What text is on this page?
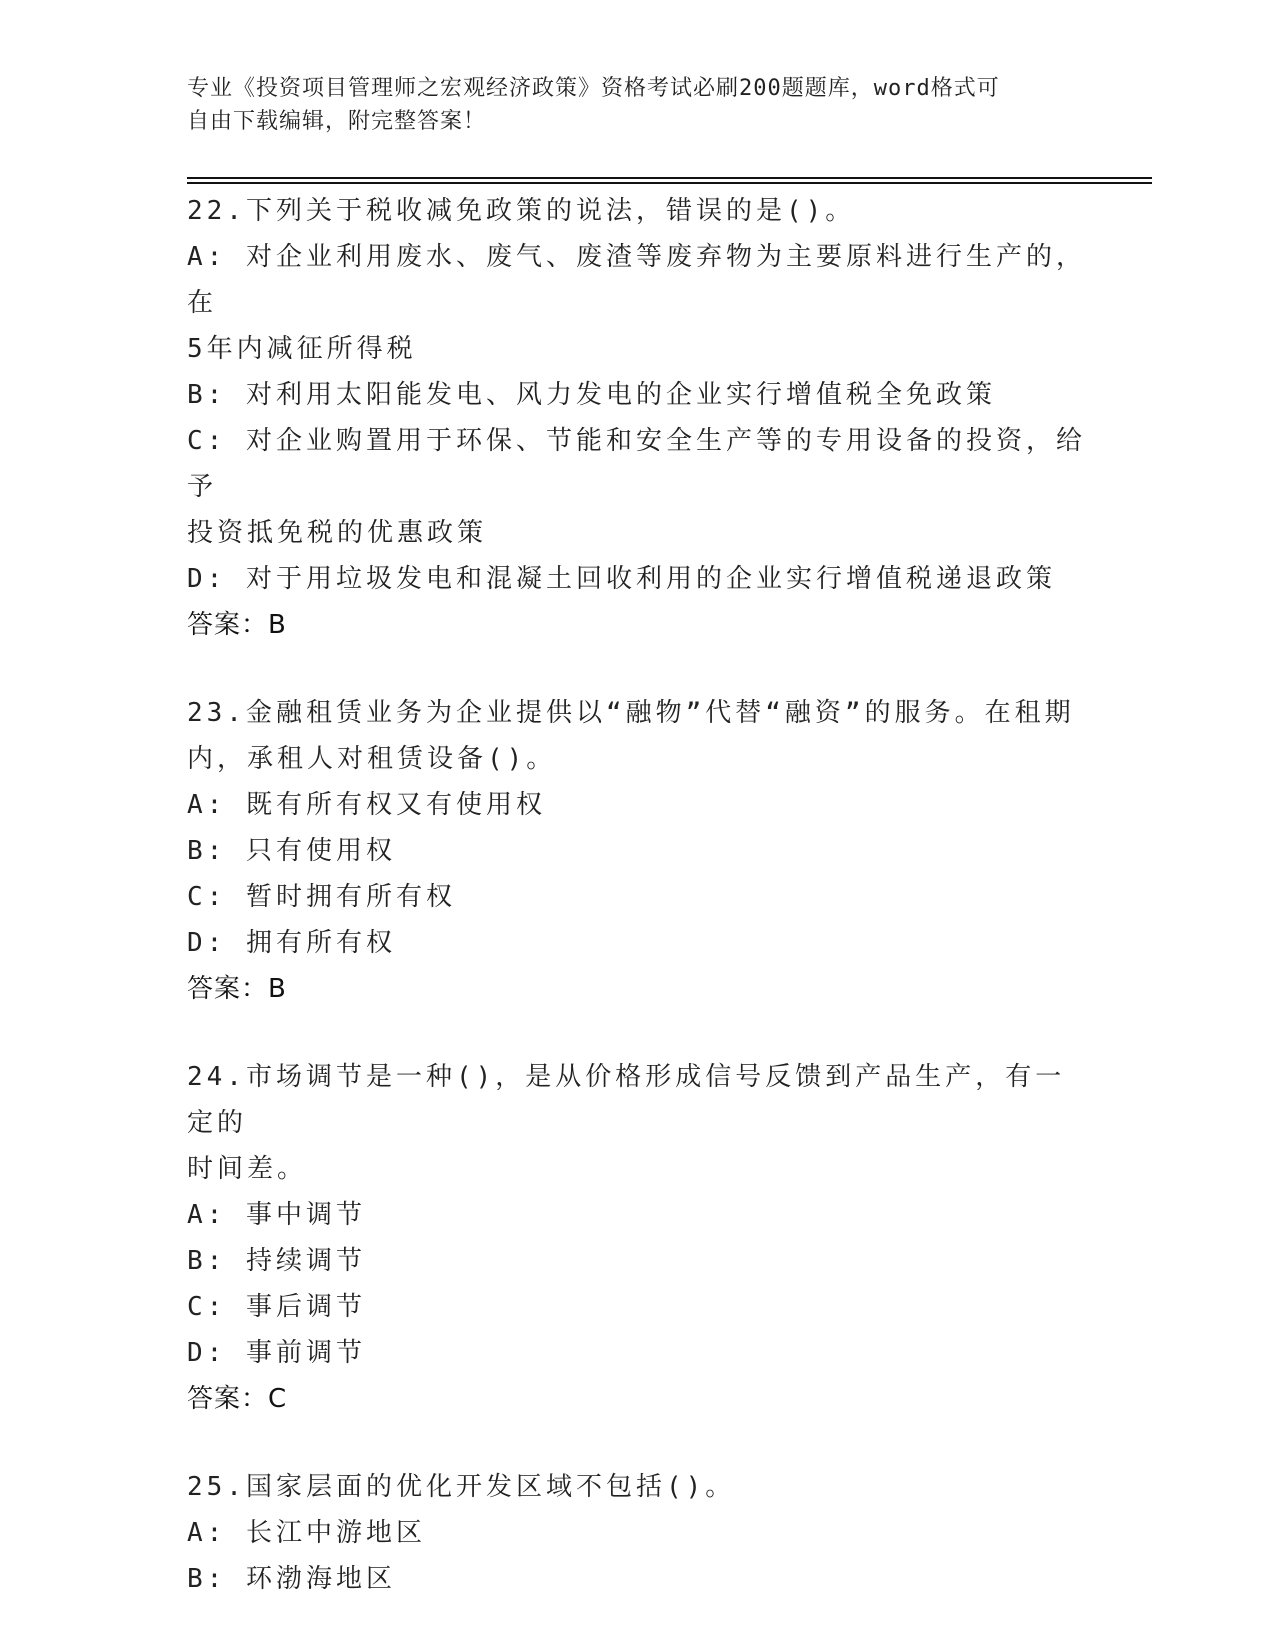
专业《投资项目管理师之宏观经济政策》资格考试必刷200题题库，word格式可
自由下载编辑，附完整答案！
22.下列关于税收减免政策的说法，错误的是()。
A: 对企业利用废水、废气、废渣等废弃物为主要原料进行生产的，在
5年内减征所得税
B: 对利用太阳能发电、风力发电的企业实行增值税全免政策
C: 对企业购置用于环保、节能和安全生产等的专用设备的投资，给予
投资抵免税的优惠政策
D: 对于用垃圾发电和混凝土回收利用的企业实行增值税递退政策
答案：B
23.金融租赁业务为企业提供以“融物”代替“融资”的服务。在租期
内，承租人对租赁设备()。
A: 既有所有权又有使用权
B: 只有使用权
C: 暂时拥有所有权
D: 拥有所有权
答案：B
24.市场调节是一种()，是从价格形成信号反馈到产品生产，有一定的
时间差。
A: 事中调节
B: 持续调节
C: 事后调节
D: 事前调节
答案：C
25.国家层面的优化开发区域不包括()。
A: 长江中游地区
B: 环渤海地区
